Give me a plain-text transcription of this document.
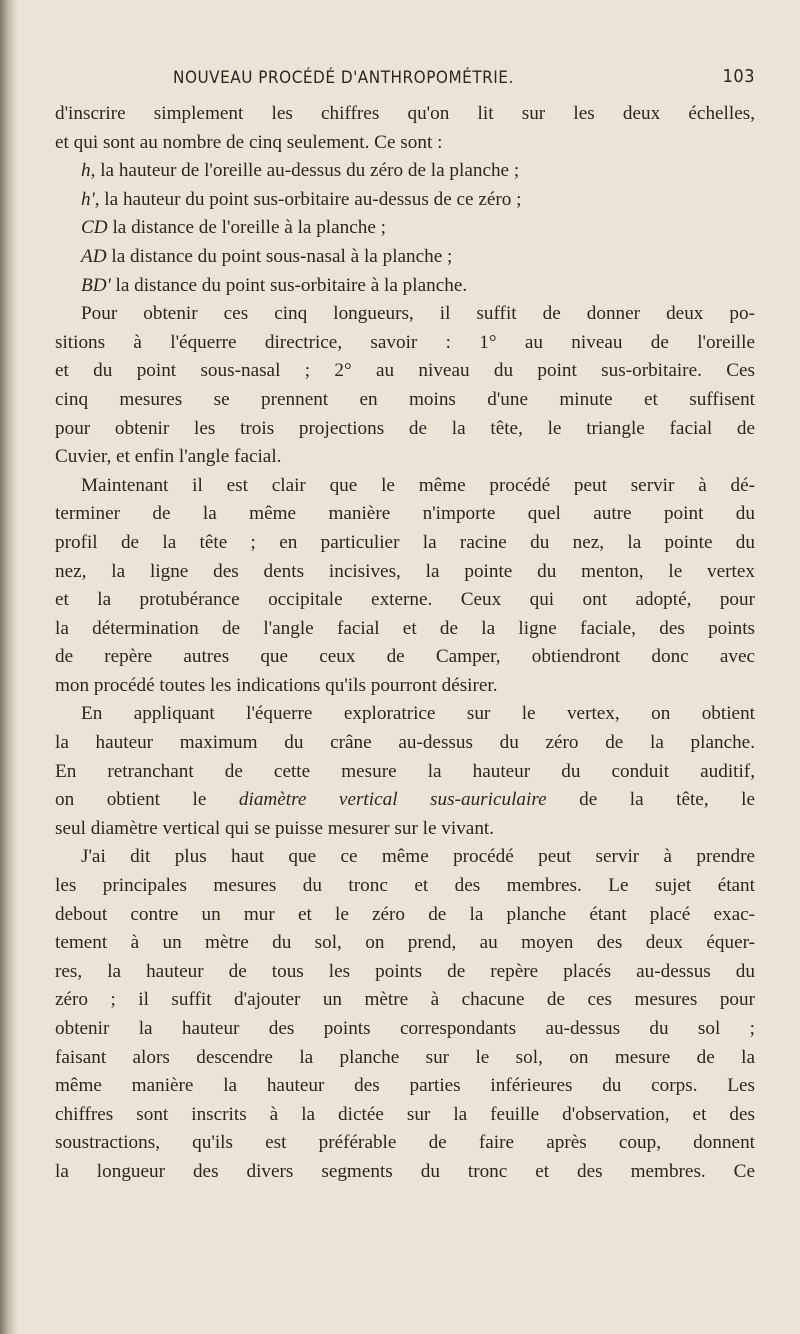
NOUVEAU PROCÉDÉ D'ANTHROPOMÉTRIE.	103
d'inscrire simplement les chiffres qu'on lit sur les deux échelles,
et qui sont au nombre de cinq seulement. Ce sont :
h, la hauteur de l'oreille au-dessus du zéro de la planche ;
h', la hauteur du point sus-orbitaire au-dessus de ce zéro ;
CD la distance de l'oreille à la planche ;
AD la distance du point sous-nasal à la planche ;
BD' la distance du point sus-orbitaire à la planche.
Pour obtenir ces cinq longueurs, il suffit de donner deux po-
sitions à l'équerre directrice, savoir : 1° au niveau de l'oreille
et du point sous-nasal ; 2° au niveau du point sus-orbitaire. Ces
cinq mesures se prennent en moins d'une minute et suffisent
pour obtenir les trois projections de la tête, le triangle facial de
Cuvier, et enfin l'angle facial.
Maintenant il est clair que le même procédé peut servir à dé-
terminer de la même manière n'importe quel autre point du
profil de la tête ; en particulier la racine du nez, la pointe du
nez, la ligne des dents incisives, la pointe du menton, le vertex
et la protubérance occipitale externe. Ceux qui ont adopté, pour
la détermination de l'angle facial et de la ligne faciale, des points
de repère autres que ceux de Camper, obtiendront donc avec
mon procédé toutes les indications qu'ils pourront désirer.
En appliquant l'équerre exploratrice sur le vertex, on obtient
la hauteur maximum du crâne au-dessus du zéro de la planche.
En retranchant de cette mesure la hauteur du conduit auditif,
on obtient le diamètre vertical sus-auriculaire de la tête, le
seul diamètre vertical qui se puisse mesurer sur le vivant.
J'ai dit plus haut que ce même procédé peut servir à prendre
les principales mesures du tronc et des membres. Le sujet étant
debout contre un mur et le zéro de la planche étant placé exac-
tement à un mètre du sol, on prend, au moyen des deux équer-
res, la hauteur de tous les points de repère placés au-dessus du
zéro ; il suffit d'ajouter un mètre à chacune de ces mesures pour
obtenir la hauteur des points correspondants au-dessus du sol ;
faisant alors descendre la planche sur le sol, on mesure de la
même manière la hauteur des parties inférieures du corps. Les
chiffres sont inscrits à la dictée sur la feuille d'observation, et des
soustractions, qu'ils est préférable de faire après coup, donnent
la longueur des divers segments du tronc et des membres. Ce
